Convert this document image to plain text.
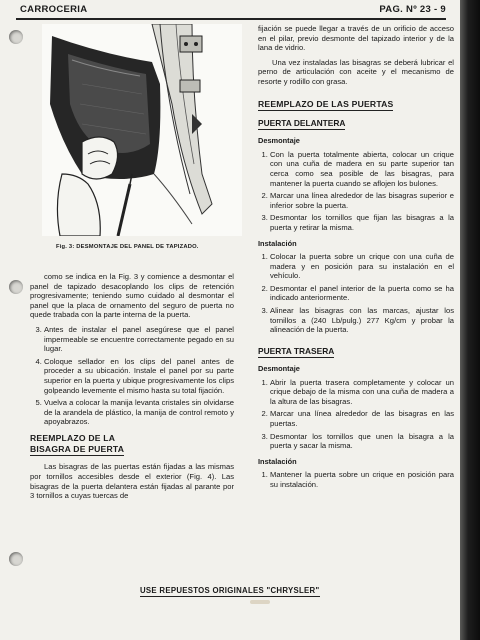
CARROCERIA	PAG. Nº 23 - 9
Fig. 3: DESMONTAJE DEL PANEL DE TAPIZADO.

como se indica en la Fig. 3 y comience a desmontar el panel de tapizado desacoplando los clips de retención progresivamente; teniendo sumo cuidado al desmontar el panel que la placa de ornamento del seguro de puerta no quede trabada con la parte interna de la puerta.

3. Antes de instalar el panel asegúrese que el panel impermeable se encuentre correctamente pegado en su lugar.
4. Coloque sellador en los clips del panel antes de proceder a su ubicación. Instale el panel por su parte superior en la puerta y ubique progresivamente los clips golpeando levemente el mismo hasta su total fijación.
5. Vuelva a colocar la manija levanta cristales sin olvidarse de la arandela de plástico, la manija de control remoto y apoyabrazos.
REEMPLAZO DE LA
BISAGRA DE PUERTA

Las bisagras de las puertas están fijadas a las mismas por tornillos accesibles desde el exterior (Fig. 4). Las bisagras de la puerta delantera están fijadas al parante por 3 tornillos a cuyas tuercas de

fijación se puede llegar a través de un orificio de acceso en el pilar, previo desmonte del tapizado interior y de la lana de vidrio.

Una vez instaladas las bisagras se deberá lubricar el perno de articulación con aceite y el mecanismo de resorte y rodillo con grasa.

REEMPLAZO DE LAS PUERTAS
PUERTA DELANTERA
Desmontaje
1. Con la puerta totalmente abierta, colocar un crique con una cuña de madera en su parte superior tan cerca como sea posible de las bisagras, para mantener la puerta cuando se aflojen los bulones.
2. Marcar una línea alrededor de las bisagras superior e inferior sobre la puerta.
3. Desmontar los tornillos que fijan las bisagras a la puerta y retirar la misma.
Instalación
1. Colocar la puerta sobre un crique con una cuña de madera y en posición para su instalación en el vehículo.
2. Desmontar el panel interior de la puerta como se ha indicado anteriormente.
3. Alinear las bisagras con las marcas, ajustar los tornillos a (240 Lb/pulg.) 277 Kg/cm y probar la alineación de la puerta.
PUERTA TRASERA
Desmontaje
1. Abrir la puerta trasera completamente y colocar un crique debajo de la misma con una cuña de madera a la altura de las bisagras.
2. Marcar una línea alrededor de las bisagras en las puertas.
3. Desmontar los tornillos que unen la bisagra a la puerta y sacar la misma.
Instalación
1. Mantener la puerta sobre un crique en posición para su instalación.
USE REPUESTOS ORIGINALES "CHRYSLER"
